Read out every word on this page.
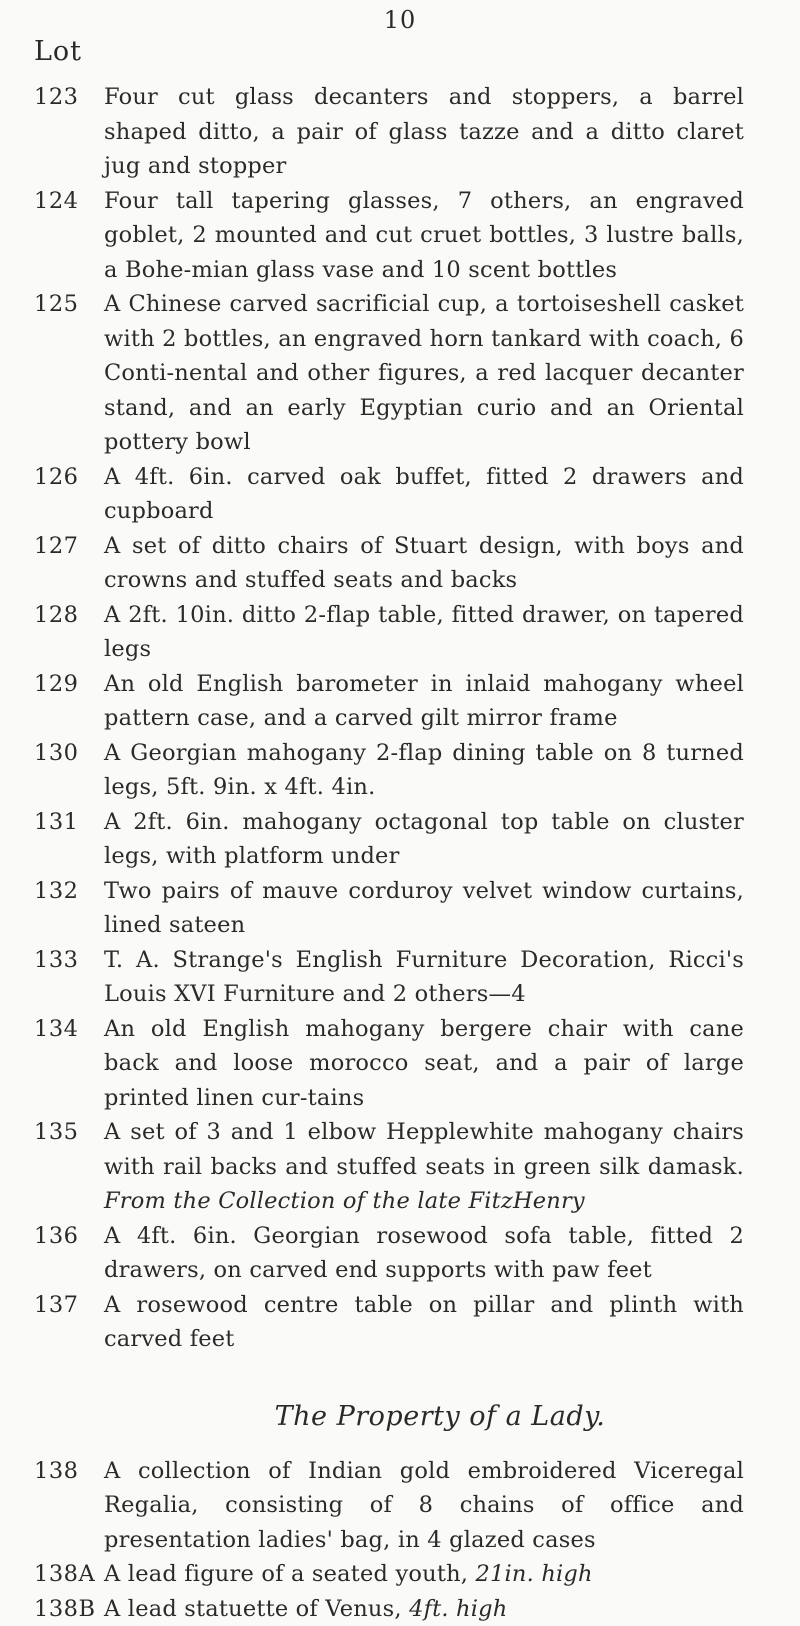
10
Lot
123	Four cut glass decanters and stoppers, a barrel shaped ditto, a pair of glass tazze and a ditto claret jug and stopper
124	Four tall tapering glasses, 7 others, an engraved goblet, 2 mounted and cut cruet bottles, 3 lustre balls, a Bohe-mian glass vase and 10 scent bottles
125	A Chinese carved sacrificial cup, a tortoiseshell casket with 2 bottles, an engraved horn tankard with coach, 6 Conti-nental and other figures, a red lacquer decanter stand, and an early Egyptian curio and an Oriental pottery bowl
126	A 4ft. 6in. carved oak buffet, fitted 2 drawers and cupboard
127	A set of ditto chairs of Stuart design, with boys and crowns and stuffed seats and backs
128	A 2ft. 10in. ditto 2-flap table, fitted drawer, on tapered legs
129	An old English barometer in inlaid mahogany wheel pattern case, and a carved gilt mirror frame
130	A Georgian mahogany 2-flap dining table on 8 turned legs, 5ft. 9in. x 4ft. 4in.
131	A 2ft. 6in. mahogany octagonal top table on cluster legs, with platform under
132	Two pairs of mauve corduroy velvet window curtains, lined sateen
133	T. A. Strange's English Furniture Decoration, Ricci's Louis XVI Furniture and 2 others—4
134	An old English mahogany bergere chair with cane back and loose morocco seat, and a pair of large printed linen cur-tains
135	A set of 3 and 1 elbow Hepplewhite mahogany chairs with rail backs and stuffed seats in green silk damask. From the Collection of the late FitzHenry
136	A 4ft. 6in. Georgian rosewood sofa table, fitted 2 drawers, on carved end supports with paw feet
137	A rosewood centre table on pillar and plinth with carved feet
The Property of a Lady.
138	A collection of Indian gold embroidered Viceregal Regalia, consisting of 8 chains of office and presentation ladies' bag, in 4 glazed cases
138A A lead figure of a seated youth, 21in. high
138B A lead statuette of Venus, 4ft. high
